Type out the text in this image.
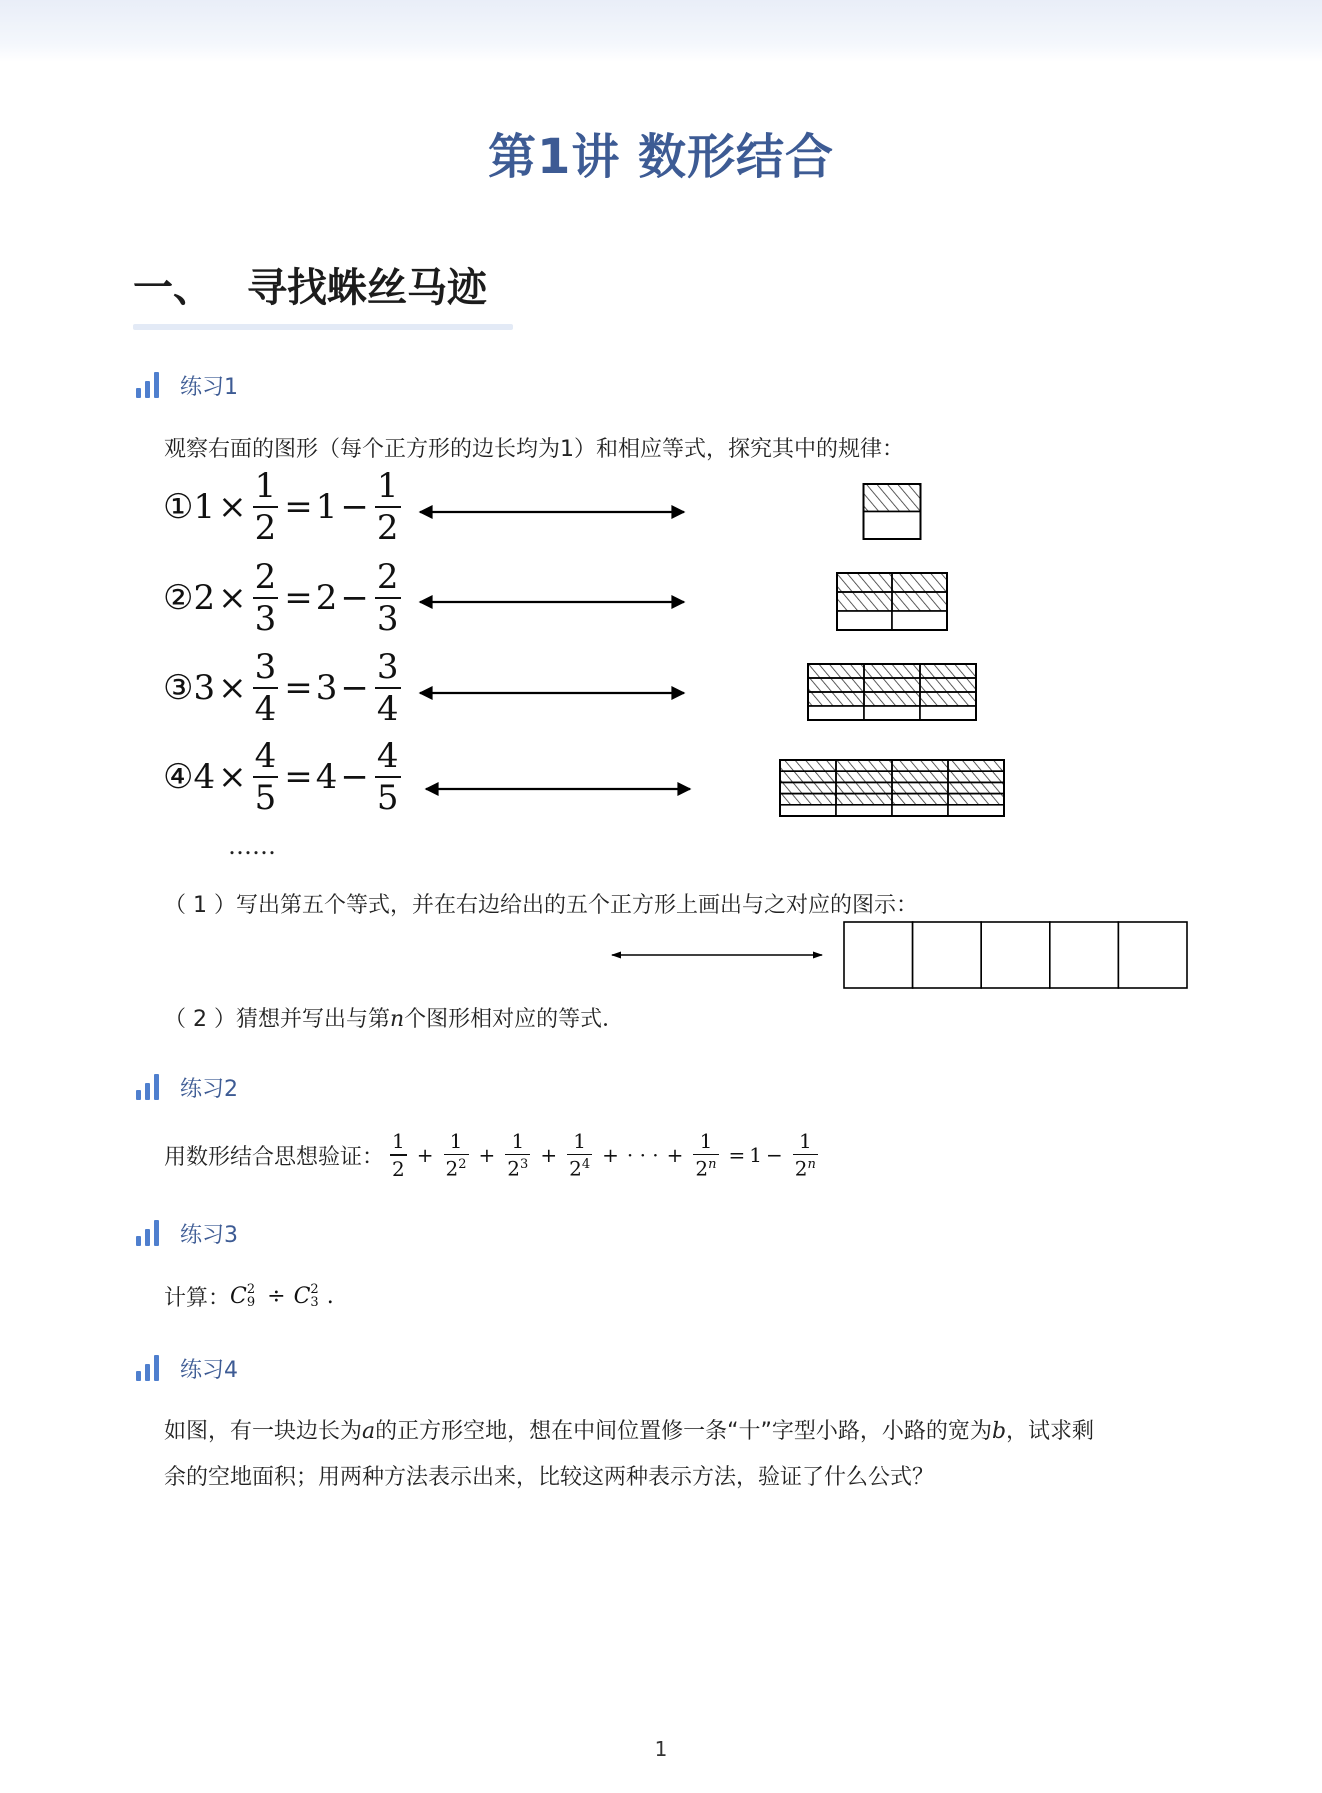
第1讲 数形结合
一、 寻找蛛丝马迹
练习1
观察右面的图形（每个正方形的边长均为1）和相应等式，探究其中的规律：
① $1 \times \frac{1}{2} = 1 - \frac{1}{2}$
② $2 \times \frac{2}{3} = 2 - \frac{2}{3}$
③ $3 \times \frac{3}{4} = 3 - \frac{3}{4}$
④ $4 \times \frac{4}{5} = 4 - \frac{4}{5}$
……
（ 1 ）写出第五个等式，并在右边给出的五个正方形上画出与之对应的图示：
（ 2 ）猜想并写出与第n个图形相对应的等式．
练习2
用数形结合思想验证： $\frac{1}{2} + \frac{1}{2^2} + \frac{1}{2^3} + \frac{1}{2^4}$ + · · · + $\frac{1}{2^n} = 1 - \frac{1}{2^n}$
练习3
计算： C 2
9 ÷ C 2
3 .
练习4
如图，有一块边长为a的正方形空地，想在中间位置修一条“十”字型小路，小路的宽为b，试求剩
余的空地面积；用两种方法表示出来，比较这两种表示方法，验证了什么公式？
1
